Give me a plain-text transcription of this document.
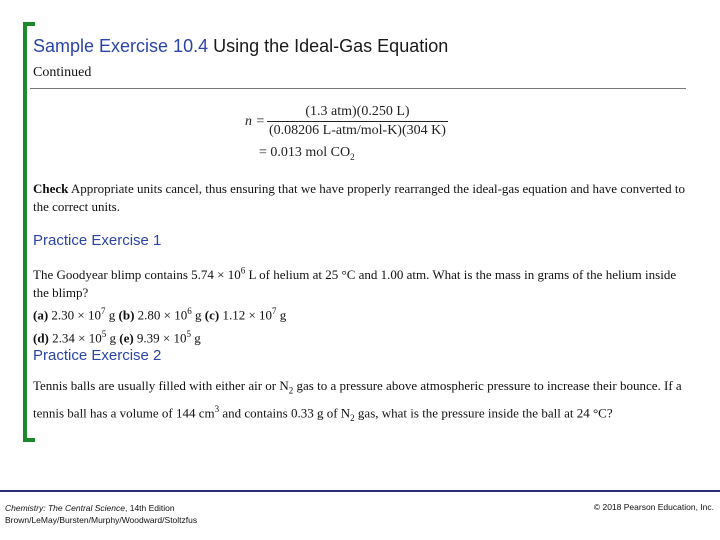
Sample Exercise 10.4 Using the Ideal-Gas Equation
Continued
$n = \frac{\text{(1.3 atm)(0.250 L)}}{\text{(0.08206 L-atm/mol-K)(304 K)}}$
= 0.013 mol $CO_2$
Check Appropriate units cancel, thus ensuring that we have properly rearranged the ideal-gas equation and have converted to the correct units.
Practice Exercise 1
The Goodyear blimp contains $5.74 \times 10^6$ L of helium at 25 °C and 1.00 atm. What is the mass in grams of the helium inside the blimp?
(a) $2.30 \times 10^7$ g (b) $2.80 \times 10^6$ g (c) $1.12 \times 10^7$ g
(d) $2.34 \times 10^5$ g (e) $9.39 \times 10^5$ g
Practice Exercise 2
Tennis balls are usually filled with either air or $N_2$ gas to a pressure above atmospheric pressure to increase their bounce. If a tennis ball has a volume of 144 $cm^3$ and contains 0.33 g of $N_2$ gas, what is the pressure inside the ball at 24 °C?
Chemistry: The Central Science, 14th Edition
Brown/LeMay/Bursten/Murphy/Woodward/Stoltzfus
© 2018 Pearson Education, Inc.
